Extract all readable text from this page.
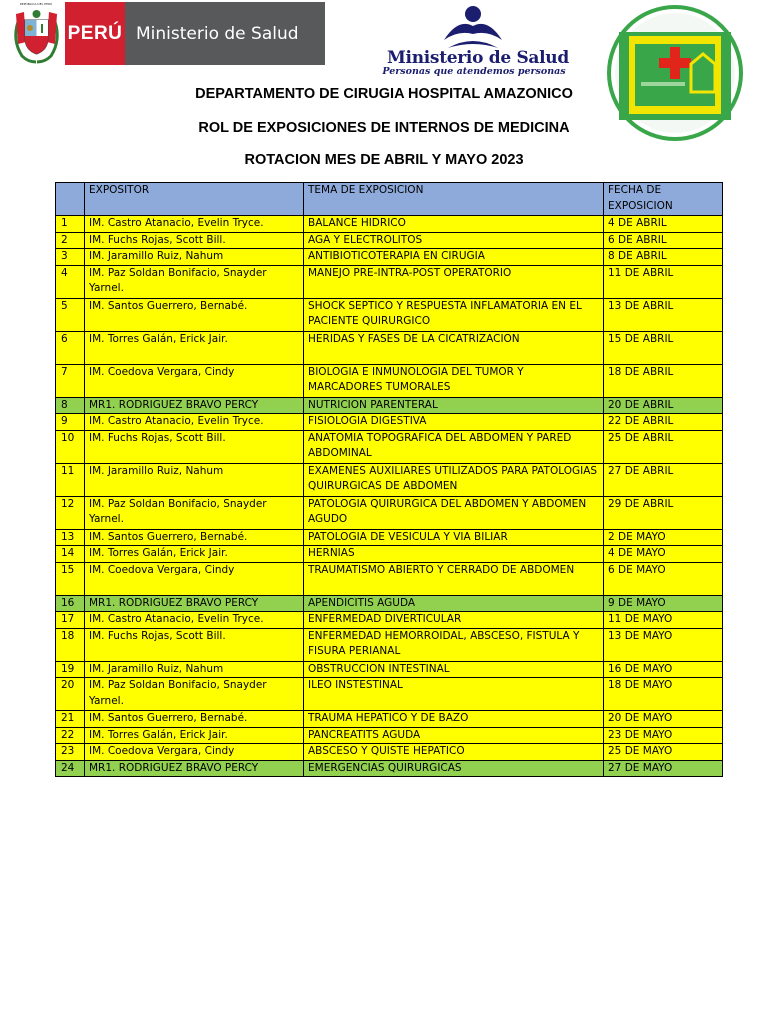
REPÚBLICA DEL PERÚ
PERÚ Ministerio de Salud
Ministerio de Salud
Personas que atendemos personas
DEPARTAMENTO DE CIRUGIA HOSPITAL AMAZONICO
ROL DE EXPOSICIONES DE INTERNOS DE MEDICINA
ROTACION MES DE ABRIL Y MAYO 2023
	EXPOSITOR	TEMA DE EXPOSICION	FECHA DE EXPOSICION
1	IM. Castro Atanacio, Evelin Tryce.	BALANCE HIDRICO	4 DE ABRIL
2	IM. Fuchs Rojas, Scott Bill.	AGA Y ELECTROLITOS	6 DE ABRIL
3	IM. Jaramillo Ruiz, Nahum	ANTIBIOTICOTERAPIA EN CIRUGIA	8 DE ABRIL
4	IM. Paz Soldan Bonifacio, Snayder Yarnel.	MANEJO PRE-INTRA-POST OPERATORIO	11 DE ABRIL
5	IM. Santos Guerrero, Bernabé.	SHOCK SEPTICO Y RESPUESTA INFLAMATORIA EN EL PACIENTE QUIRURGICO	13 DE ABRIL
6	IM. Torres Galán, Erick Jair.	HERIDAS Y FASES DE LA CICATRIZACION	15 DE ABRIL
7	IM. Coedova Vergara, Cindy	BIOLOGIA E INMUNOLOGIA DEL TUMOR Y MARCADORES TUMORALES	18 DE ABRIL
8	MR1. RODRIGUEZ BRAVO PERCY	NUTRICION PARENTERAL	20 DE ABRIL
9	IM. Castro Atanacio, Evelin Tryce.	FISIOLOGIA DIGESTIVA	22 DE ABRIL
10	IM. Fuchs Rojas, Scott Bill.	ANATOMIA TOPOGRAFICA DEL ABDOMEN Y PARED ABDOMINAL	25 DE ABRIL
11	IM. Jaramillo Ruiz, Nahum	EXAMENES AUXILIARES UTILIZADOS PARA PATOLOGIAS QUIRURGICAS DE ABDOMEN	27 DE ABRIL
12	IM. Paz Soldan Bonifacio, Snayder Yarnel.	PATOLOGIA QUIRURGICA DEL ABDOMEN Y ABDOMEN AGUDO	29 DE ABRIL
13	IM. Santos Guerrero, Bernabé.	PATOLOGIA DE VESICULA Y VIA BILIAR	2 DE MAYO
14	IM. Torres Galán, Erick Jair.	HERNIAS	4 DE MAYO
15	IM. Coedova Vergara, Cindy	TRAUMATISMO ABIERTO Y CERRADO DE ABDOMEN	6 DE MAYO
16	MR1. RODRIGUEZ BRAVO PERCY	APENDICITIS AGUDA	9 DE MAYO
17	IM. Castro Atanacio, Evelin Tryce.	ENFERMEDAD DIVERTICULAR	11 DE MAYO
18	IM. Fuchs Rojas, Scott Bill.	ENFERMEDAD HEMORROIDAL, ABSCESO, FISTULA Y FISURA PERIANAL	13 DE MAYO
19	IM. Jaramillo Ruiz, Nahum	OBSTRUCCION INTESTINAL	16 DE MAYO
20	IM. Paz Soldan Bonifacio, Snayder Yarnel.	ILEO INSTESTINAL	18 DE MAYO
21	IM. Santos Guerrero, Bernabé.	TRAUMA HEPATICO Y DE BAZO	20 DE MAYO
22	IM. Torres Galán, Erick Jair.	PANCREATITS AGUDA	23 DE MAYO
23	IM. Coedova Vergara, Cindy	ABSCESO Y QUISTE HEPATICO	25 DE MAYO
24	MR1. RODRIGUEZ BRAVO PERCY	EMERGENCIAS QUIRURGICAS	27 DE MAYO
